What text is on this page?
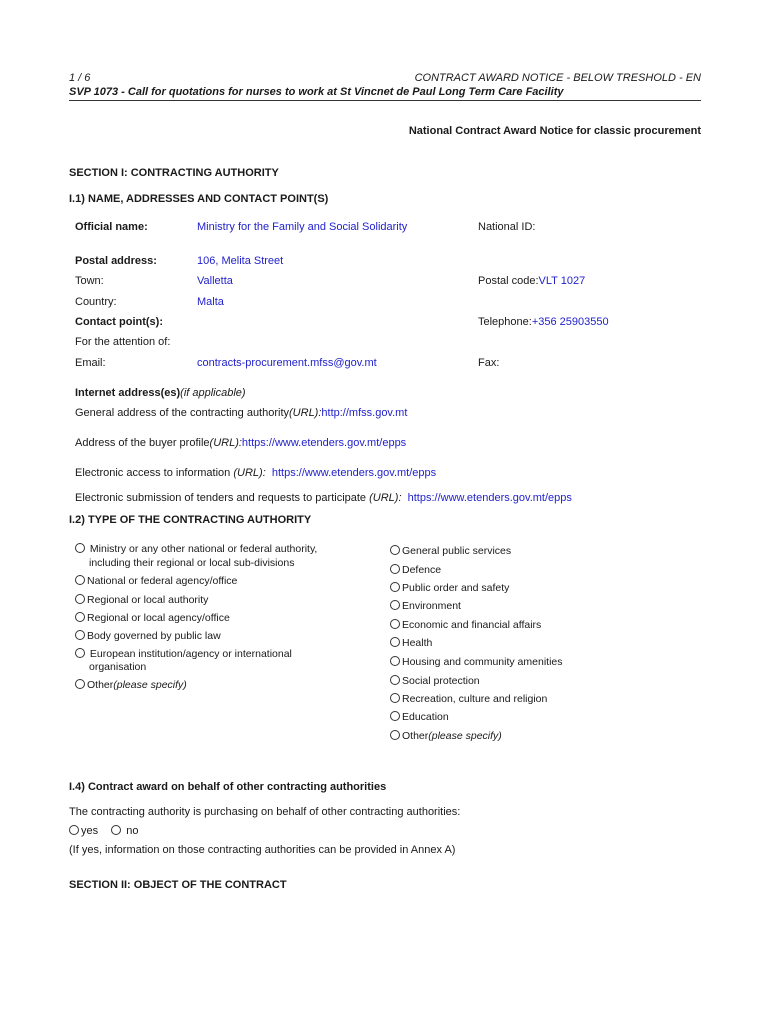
1 / 6	CONTRACT AWARD NOTICE - BELOW TRESHOLD - EN
SVP 1073 - Call for quotations for nurses to work at St Vincnet de Paul Long Term Care Facility
National Contract Award Notice for classic procurement
SECTION I: CONTRACTING AUTHORITY
I.1) NAME, ADDRESSES AND CONTACT POINT(S)
Official name:	Ministry for the Family and Social Solidarity	National ID:
Postal address:	106, Melita Street
Town:	Valletta	Postal code:VLT 1027
Country:	Malta
Contact point(s):	Telephone:+356 25903550
For the attention of:
Email:	contracts-procurement.mfss@gov.mt	Fax:
Internet address(es)(if applicable)
General address of the contracting authority(URL):http://mfss.gov.mt
Address of the buyer profile(URL):https://www.etenders.gov.mt/epps
Electronic access to information (URL): https://www.etenders.gov.mt/epps
Electronic submission of tenders and requests to participate (URL): https://www.etenders.gov.mt/epps
I.2) TYPE OF THE CONTRACTING AUTHORITY
Ministry or any other national or federal authority,
including their regional or local sub-divisions
National or federal agency/office
Regional or local authority
Regional or local agency/office
Body governed by public law
European institution/agency or international
organisation
Other(please specify)
General public services
Defence
Public order and safety
Environment
Economic and financial affairs
Health
Housing and community amenities
Social protection
Recreation, culture and religion
Education
Other(please specify)
I.4) Contract award on behalf of other contracting authorities
The contracting authority is purchasing on behalf of other contracting authorities:
yes	no
(If yes, information on those contracting authorities can be provided in Annex A)
SECTION II: OBJECT OF THE CONTRACT
